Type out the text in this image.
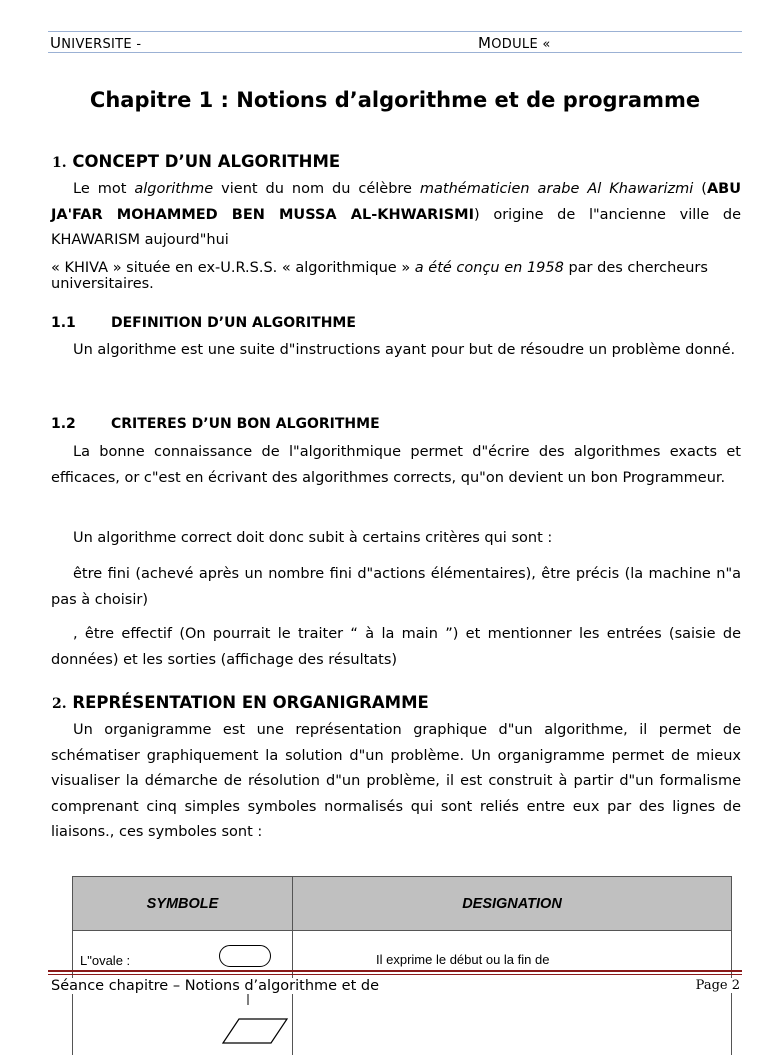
UNIVERSITE -	MODULE «
Chapitre 1 : Notions d’algorithme et de programme
1. CONCEPT D’UN ALGORITHME
Le mot algorithme vient du nom du célèbre mathématicien arabe Al Khawarizmi (ABU JA'FAR MOHAMMED BEN MUSSA AL-KHWARISMI) origine de l"ancienne ville de KHAWARISM aujourd"hui
« KHIVA » située en ex-U.R.S.S. « algorithmique » a été conçu en 1958 par des chercheurs universitaires.
1.1	DEFINITION D’UN ALGORITHME
Un algorithme est une suite d"instructions ayant pour but de résoudre un problème donné.
1.2	CRITERES D’UN BON ALGORITHME
La bonne connaissance de l"algorithmique permet d"écrire des algorithmes exacts et efficaces, or c"est en écrivant des algorithmes corrects, qu"on devient un bon Programmeur.
Un algorithme correct doit donc subit à certains critères qui sont :
être fini (achevé après un nombre fini d"actions élémentaires), être précis (la machine n"a pas à choisir)
, être effectif (On pourrait le traiter “ à la main ”) et mentionner les entrées (saisie de données) et les sorties (affichage des résultats)
2. REPRÉSENTATION EN ORGANIGRAMME
Un organigramme est une représentation graphique d"un algorithme, il permet de schématiser graphiquement la solution d"un problème. Un organigramme permet de mieux visualiser la démarche de résolution d"un problème, il est construit à partir d"un formalisme comprenant cinq simples symboles normalisés qui sont reliés entre eux par des lignes de liaisons., ces symboles sont :
SYMBOLE	DESIGNATION

L"ovale :	Il exprime le début ou la fin de

Séance chapitre – Notions d’algorithme et de	Page 2
